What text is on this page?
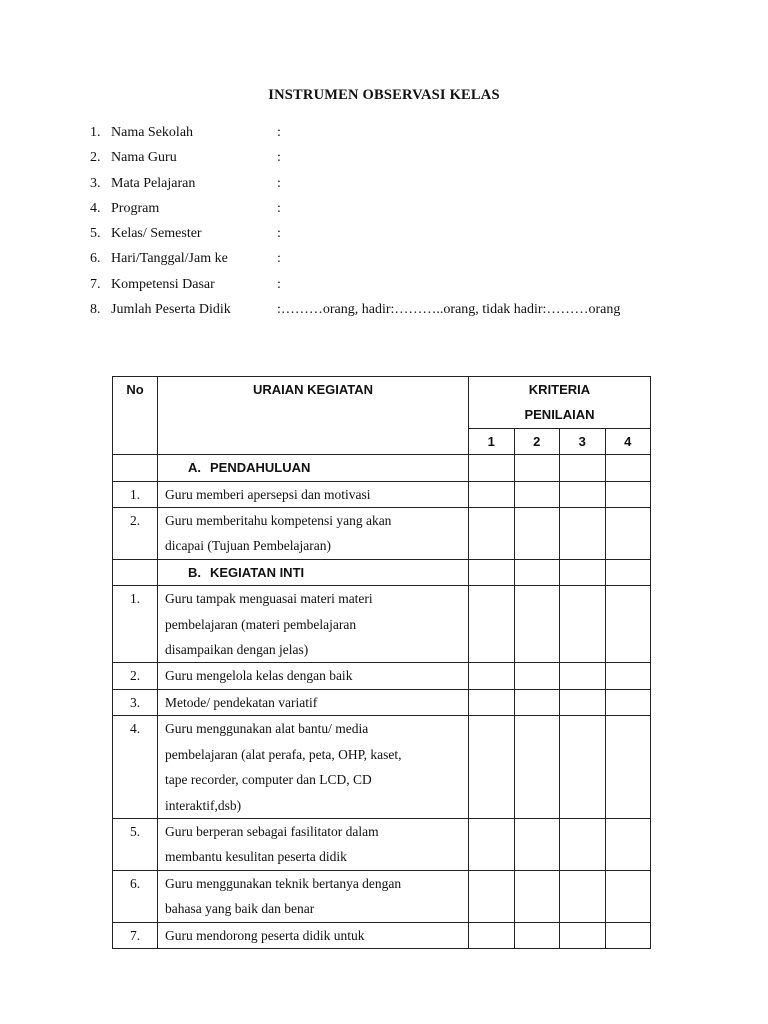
INSTRUMEN OBSERVASI KELAS
1. Nama Sekolah	:
2. Nama Guru	:
3. Mata Pelajaran	:
4. Program	:
5. Kelas/ Semester	:
6. Hari/Tanggal/Jam ke	:
7. Kompetensi Dasar	:
8. Jumlah Peserta Didik	:………orang, hadir:………..orang, tidak hadir:………orang
No	URAIAN KEGIATAN	KRITERIA
PENILAIAN			

		1	2	3	4
	A. PENDAHULUAN				
1.	Guru memberi apersepsi dan motivasi				

2.	Guru memberitahu kompetensi yang akan
dicapai (Tujuan Pembelajaran)				

	B. KEGIATAN INTI				
1.	Guru tampak menguasai materi materi
pembelajaran (materi pembelajaran
disampaikan dengan jelas)				

2.	Guru mengelola kelas dengan baik				

3.	Metode/ pendekatan variatif				

4.	Guru menggunakan alat bantu/ media
pembelajaran (alat perafa, peta, OHP, kaset,
tape recorder, computer dan LCD, CD
interaktif,dsb)				

5.	Guru berperan sebagai fasilitator dalam
membantu kesulitan peserta didik				

6.	Guru menggunakan teknik bertanya dengan
bahasa yang baik dan benar				

7.	Guru mendorong peserta didik untuk				
